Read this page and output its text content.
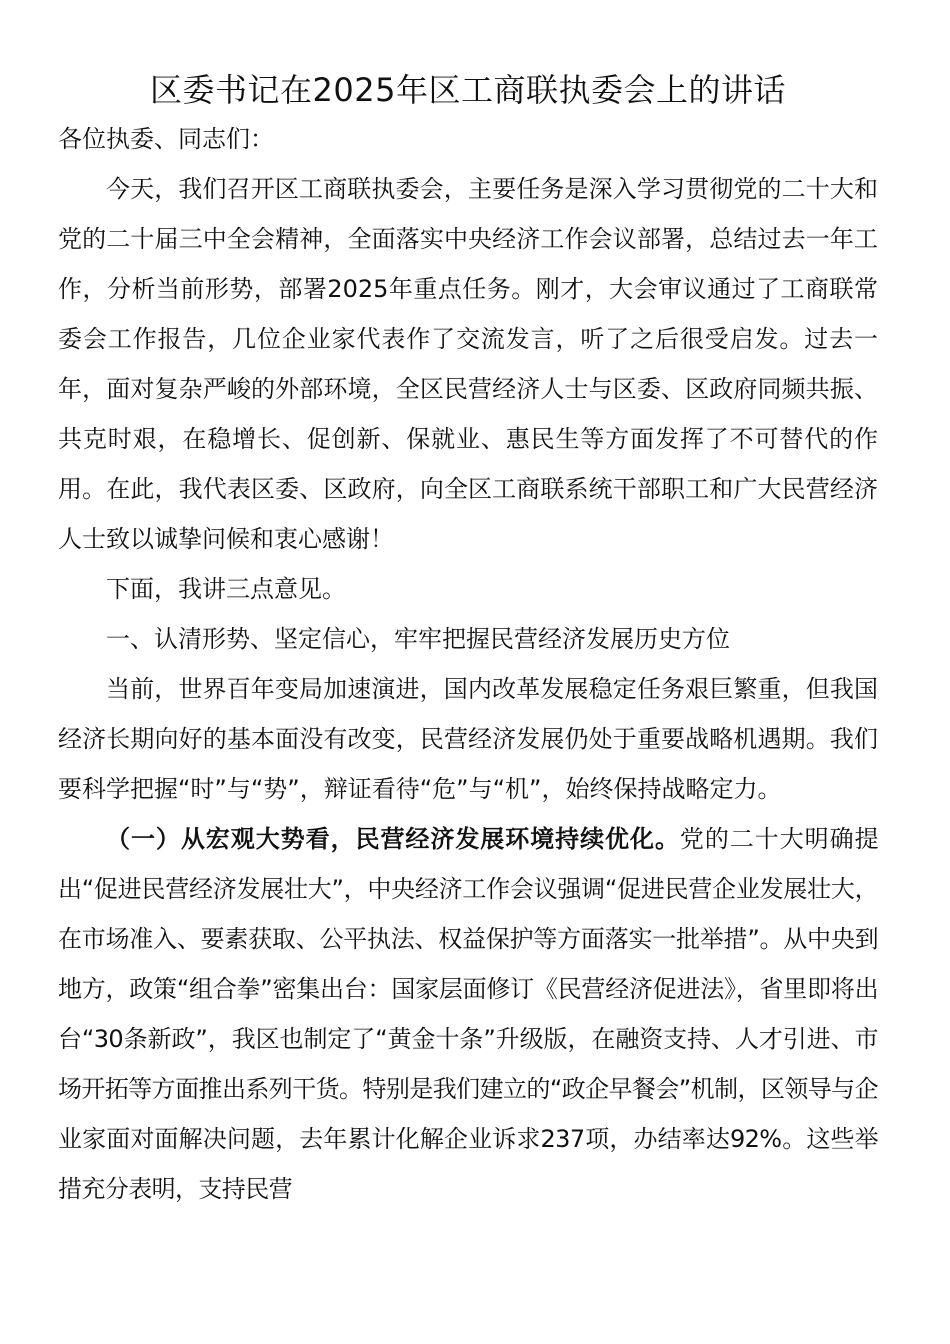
区委书记在2025年区工商联执委会上的讲话

各位执委、同志们：

今天，我们召开区工商联执委会，主要任务是深入学习贯彻党的二十大和党的二十届三中全会精神，全面落实中央经济工作会议部署，总结过去一年工作，分析当前形势，部署2025年重点任务。刚才，大会审议通过了工商联常委会工作报告，几位企业家代表作了交流发言，听了之后很受启发。过去一年，面对复杂严峻的外部环境，全区民营经济人士与区委、区政府同频共振、共克时艰，在稳增长、促创新、保就业、惠民生等方面发挥了不可替代的作用。在此，我代表区委、区政府，向全区工商联系统干部职工和广大民营经济人士致以诚挚问候和衷心感谢！

下面，我讲三点意见。

一、认清形势、坚定信心，牢牢把握民营经济发展历史方位

当前，世界百年变局加速演进，国内改革发展稳定任务艰巨繁重，但我国经济长期向好的基本面没有改变，民营经济发展仍处于重要战略机遇期。我们要科学把握“时”与“势”，辩证看待“危”与“机”，始终保持战略定力。

（一）从宏观大势看，民营经济发展环境持续优化。党的二十大明确提出“促进民营经济发展壮大”，中央经济工作会议强调“促进民营企业发展壮大，在市场准入、要素获取、公平执法、权益保护等方面落实一批举措”。从中央到地方，政策“组合拳”密集出台：国家层面修订《民营经济促进法》，省里即将出台“30条新政”，我区也制定了“黄金十条”升级版，在融资支持、人才引进、市场开拓等方面推出系列干货。特别是我们建立的“政企早餐会”机制，区领导与企业家面对面解决问题，去年累计化解企业诉求237项，办结率达92%。这些举措充分表明，支持民营
